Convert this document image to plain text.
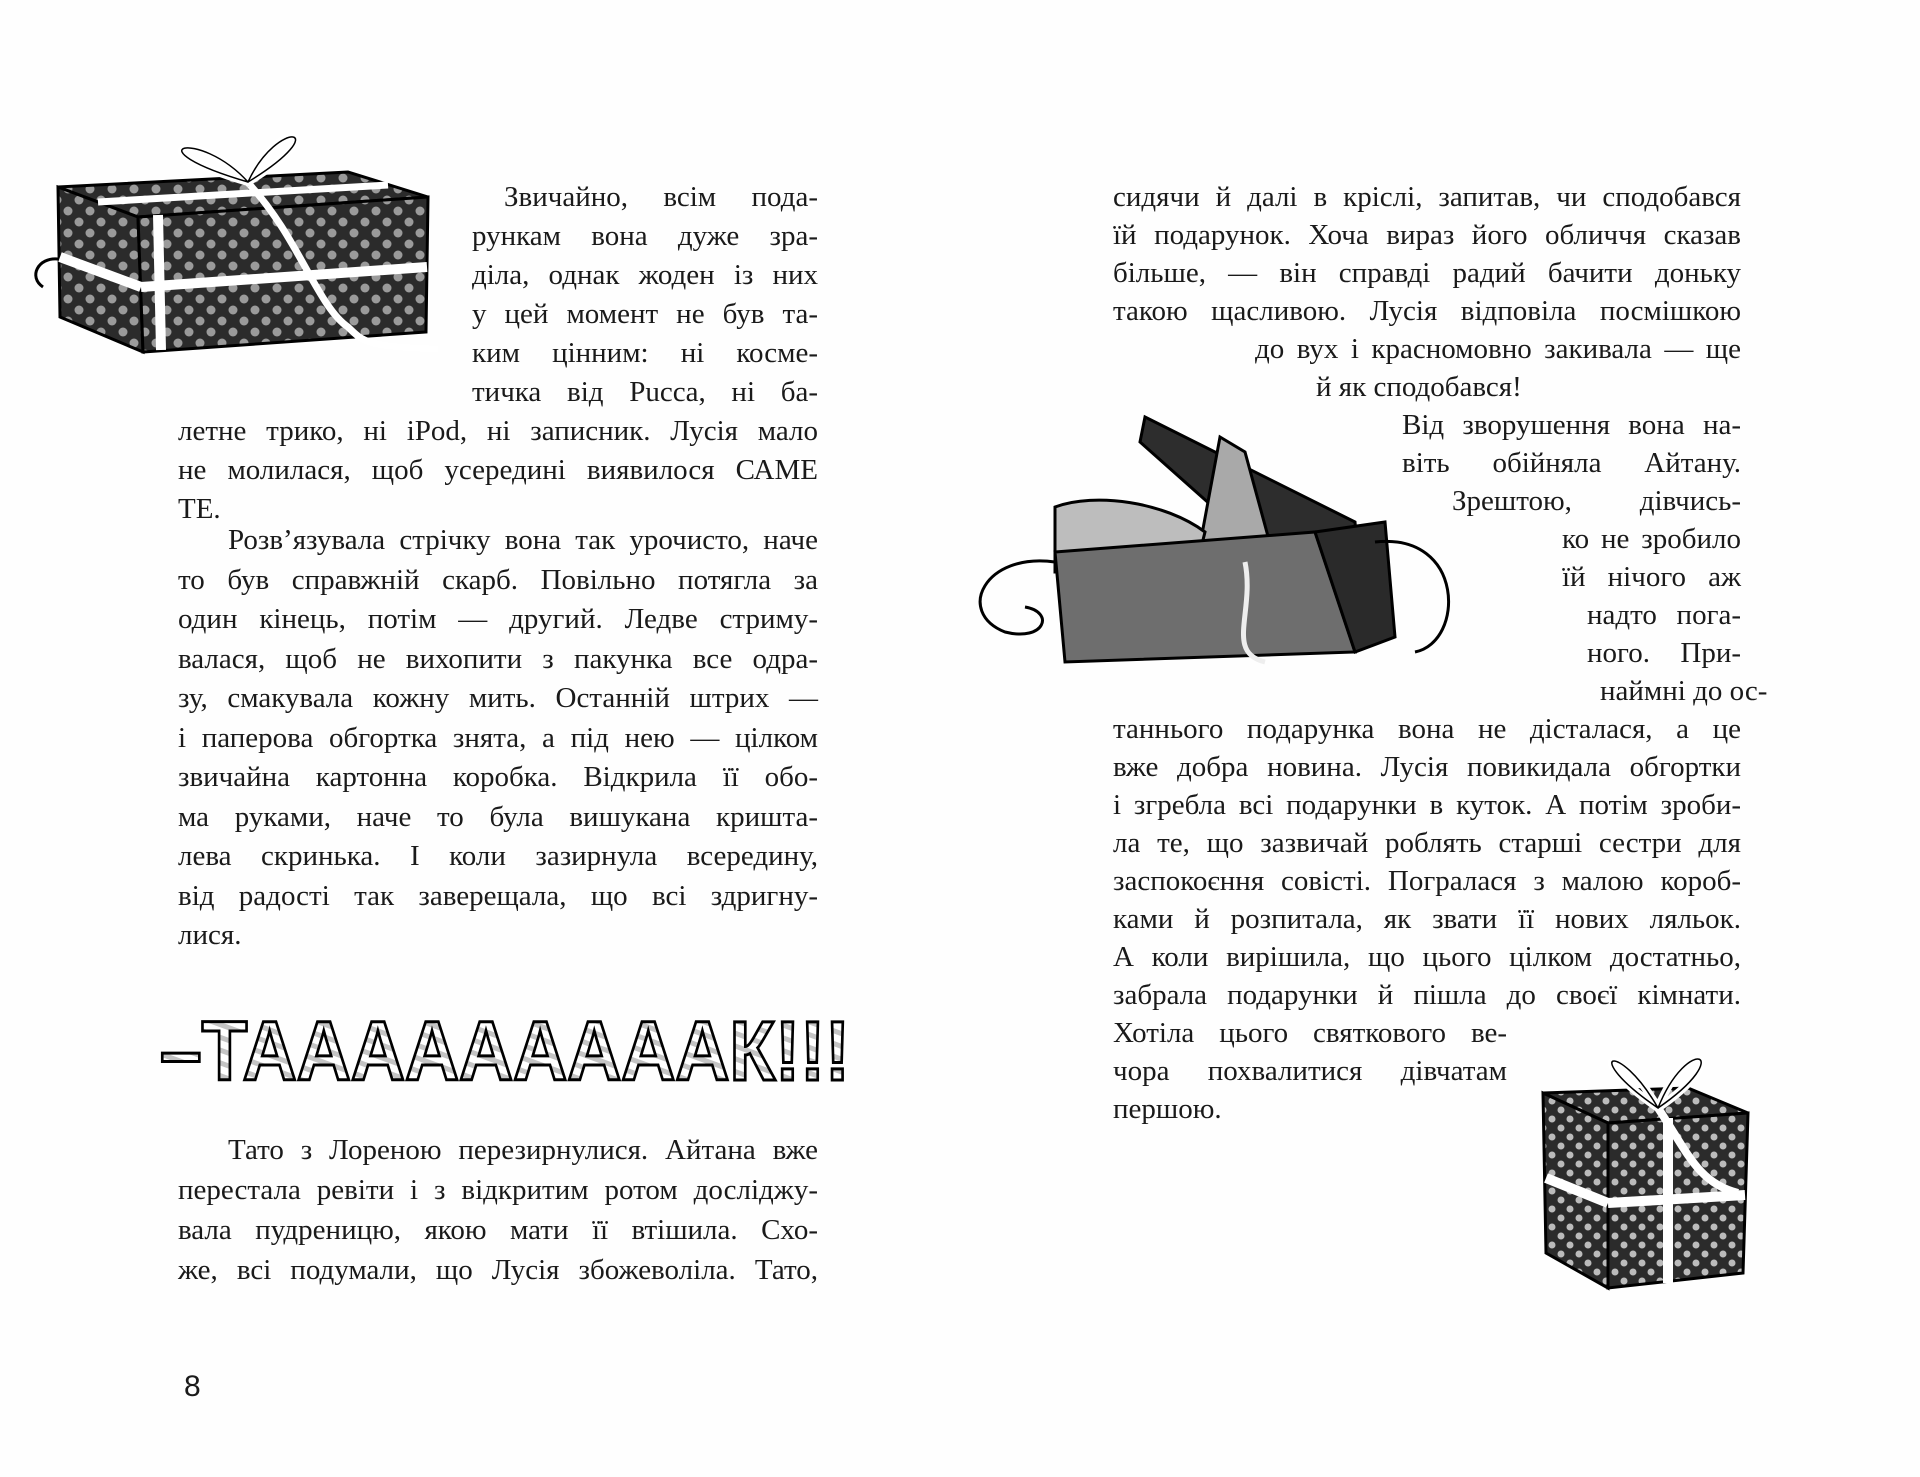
–ТААААААААAК!!!
8
Звичайно, всім пода-
рункам вона дуже зра-
діла, однак жоден із них
у цей момент не був та-
ким цінним: ні косме-
тичка від Рucca, ні ба-
летне трико, ні iPod, ні записник. Лусія мало
не молилася, щоб усередині виявилося САМЕ
ТЕ.
Розв’язувала стрічку вона так урочисто, наче
то був справжній скарб. Повільно потягла за
один кінець, потім — другий. Ледве стриму-
валася, щоб не вихопити з пакунка все одра-
зу, смакувала кожну мить. Останній штрих —
і паперова обгортка знята, а під нею — цілком
звичайна картонна коробка. Відкрила її обо-
ма руками, наче то була вишукана кришта-
лева скринька. І коли зазирнула всередину,
від радості так заверещала, що всі здригну-
лися.
Тато з Лореною перезирнулися. Айтана вже
перестала ревіти і з відкритим ротом досліджу-
вала пудреницю, якою мати її втішила. Схо-
же, всі подумали, що Лусія збожеволіла. Тато,
сидячи й далі в кріслі, запитав, чи сподобався
їй подарунок. Хоча вираз його обличчя сказав
більше, — він справді радий бачити доньку
такою щасливою. Лусія відповіла посмішкою
до вух і красномовно закивала — ще
й як сподобався!
Від зворушення вона на-
віть обійняла Айтану.
Зрештою, дівчись-
ко не зробило
їй нічого аж
надто пога-
ного. При-
наймні до ос-
таннього подарунка вона не дісталася, а це
вже добра новина. Лусія повикидала обгортки
і згребла всі подарунки в куток. А потім зроби-
ла те, що зазвичай роблять старші сестри для
заспокоєння совісті. Погралася з малою короб-
ками й розпитала, як звати її нових ляльок.
А коли вирішила, що цього цілком достатньо,
забрала подарунки й пішла до своєї кімнати.
Хотіла цього святкового ве-
чора похвалитися дівчатам
першою.
